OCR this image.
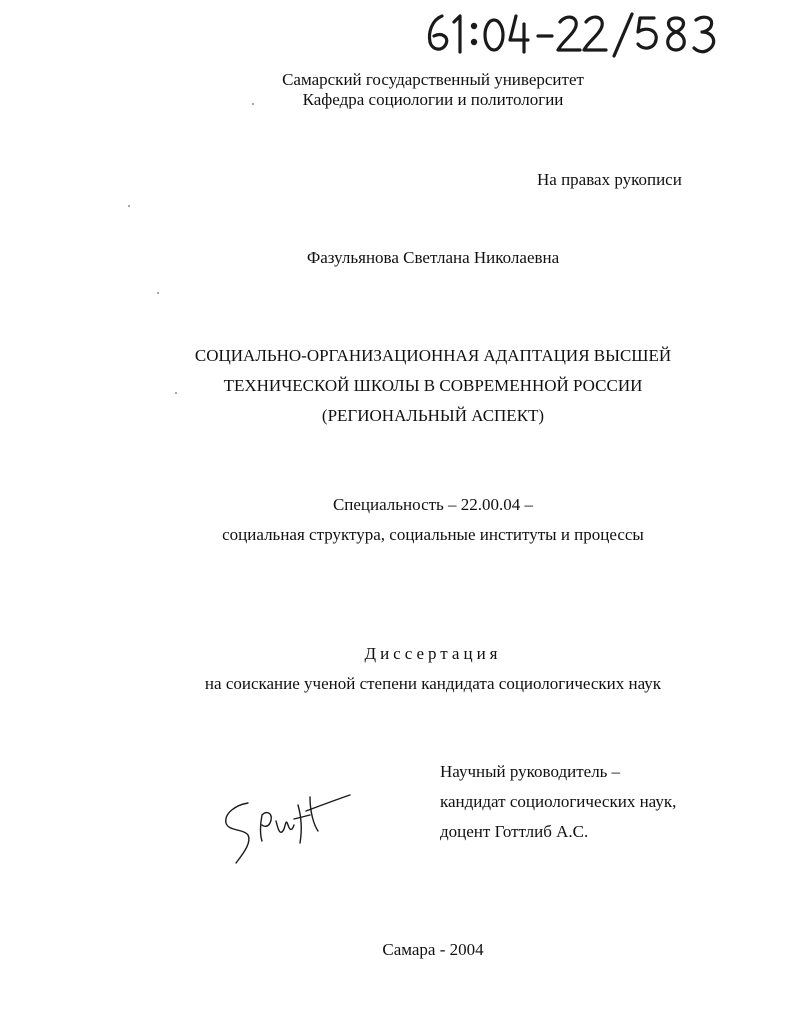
Самарский государственный университет
Кафедра социологии и политологии
На правах рукописи
Фазульянова Светлана Николаевна
СОЦИАЛЬНО-ОРГАНИЗАЦИОННАЯ АДАПТАЦИЯ ВЫСШЕЙ
ТЕХНИЧЕСКОЙ ШКОЛЫ В СОВРЕМЕННОЙ РОССИИ
(РЕГИОНАЛЬНЫЙ АСПЕКТ)
Специальность – 22.00.04 –
социальная структура, социальные институты и процессы
Диссертация
на соискание ученой степени кандидата социологических наук
Научный руководитель –
кандидат социологических наук,
доцент Готтлиб А.С.
Самара - 2004
